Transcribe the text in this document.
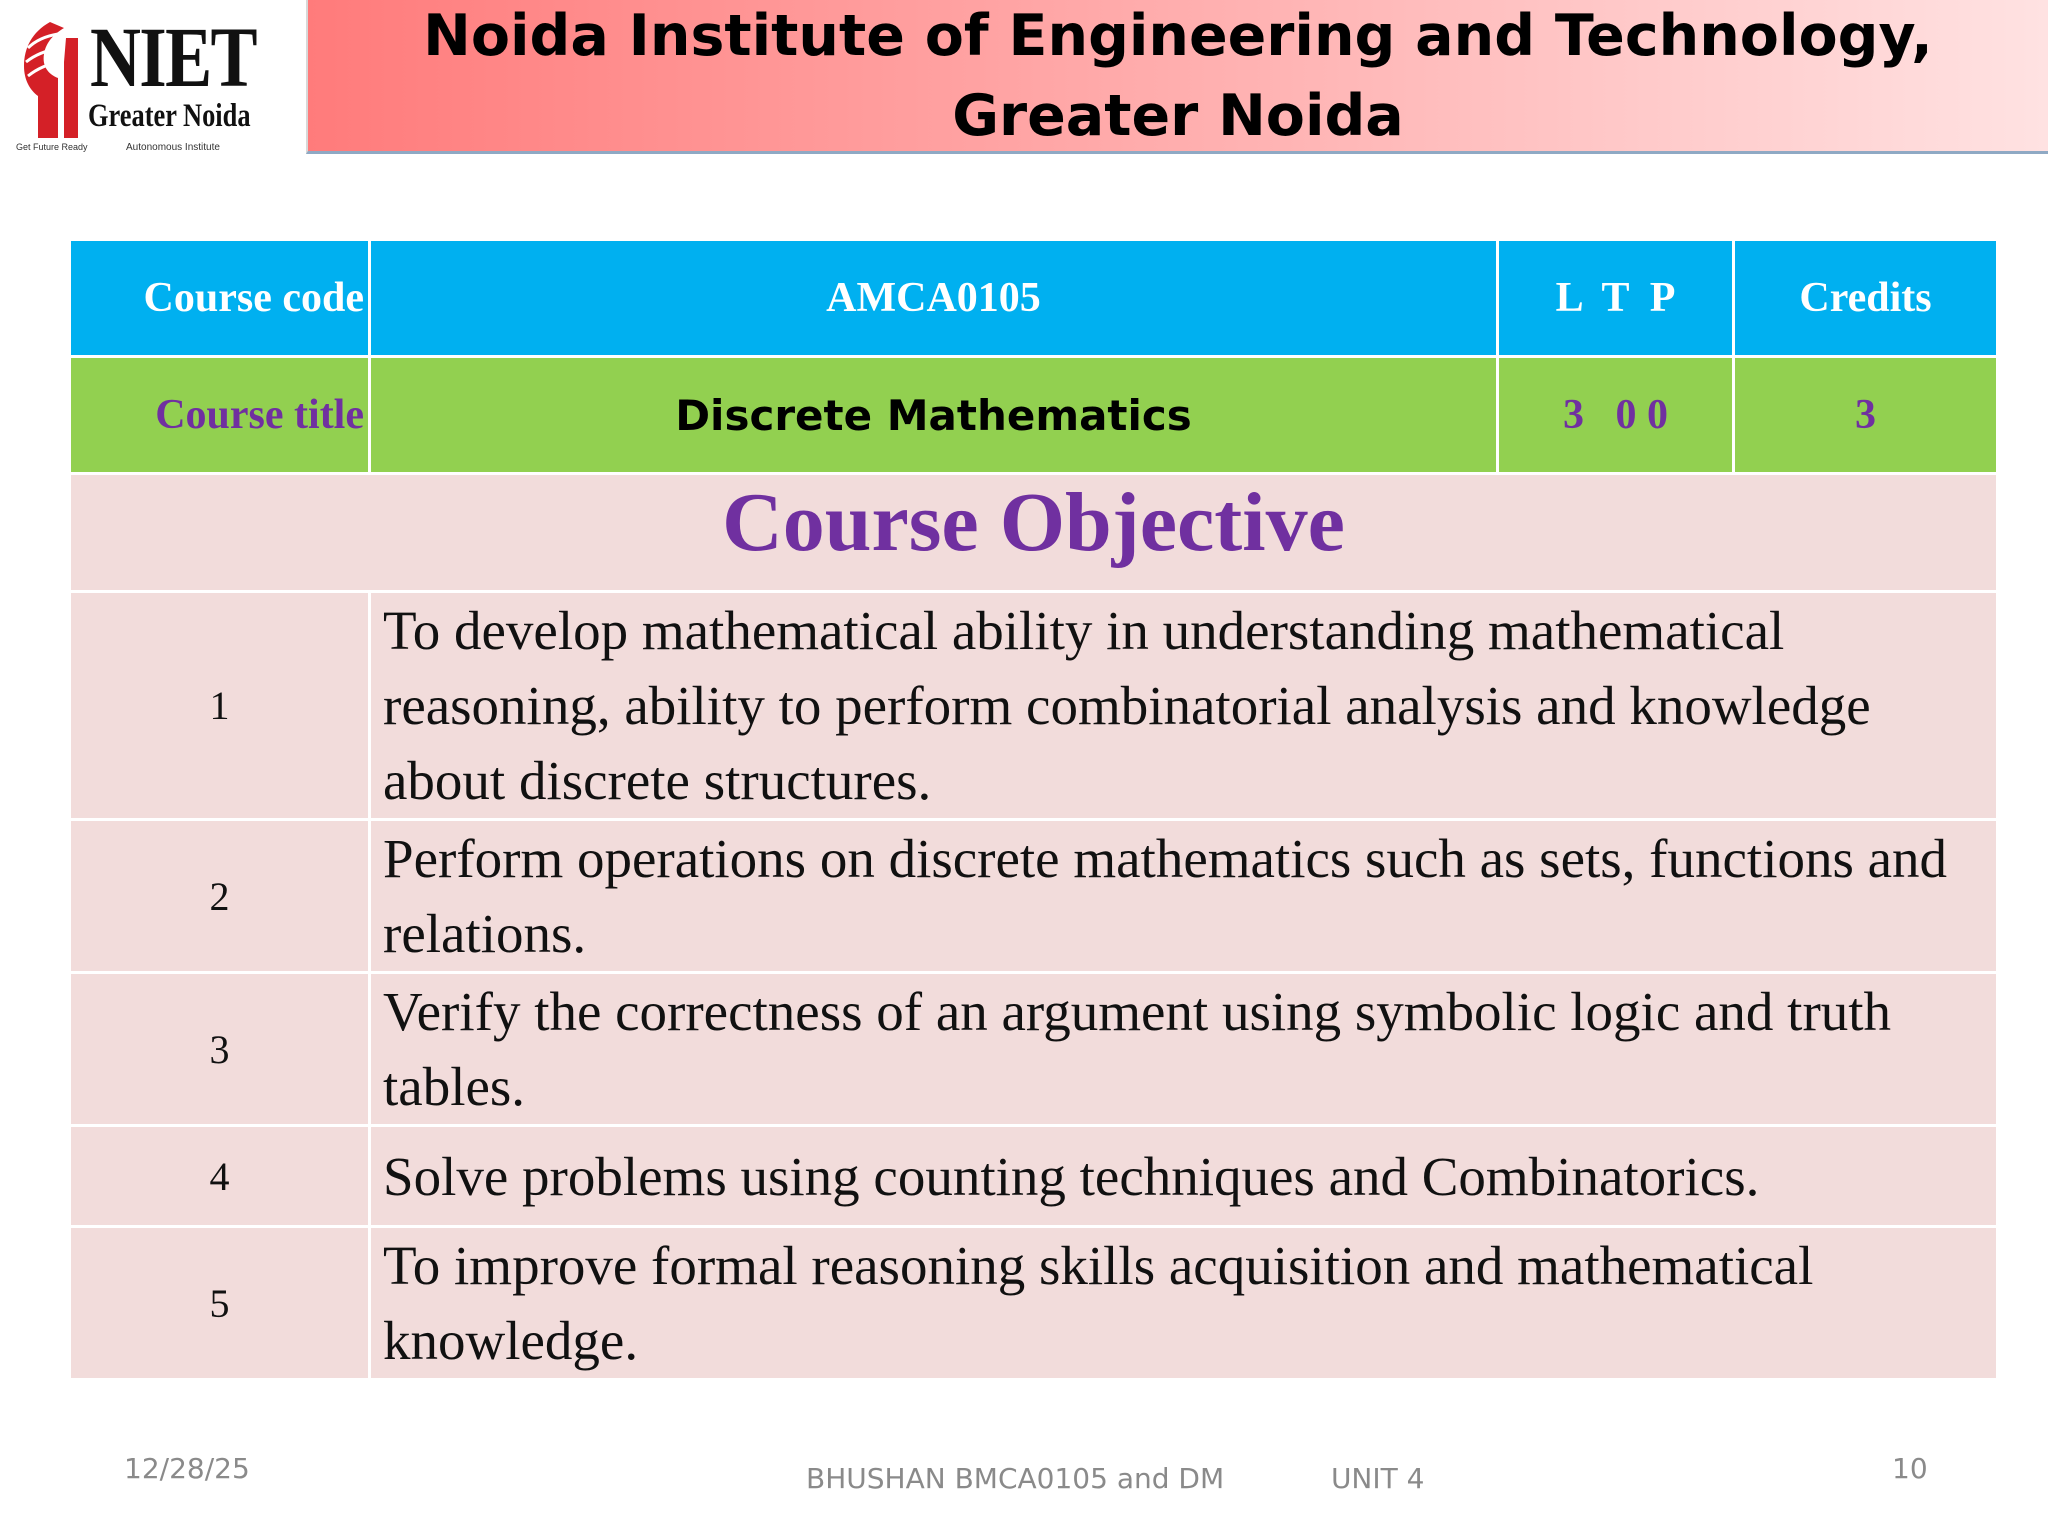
NIET
Greater Noida
Get Future Ready	Autonomous Institute
Noida Institute of Engineering and Technology, Greater Noida
Course code	AMCA0105	L  T  P	Credits
Course title	Discrete Mathematics	3   0 0	3
Course Objective			
1	To develop mathematical ability in understanding mathematical reasoning, ability to perform combinatorial analysis and knowledge about discrete structures.		
2	Perform operations on discrete mathematics such as sets, functions and relations.		
3	Verify the correctness of an argument using symbolic logic and truth tables.		
4	Solve problems using counting techniques and Combinatorics.		
5	To improve formal reasoning skills acquisition and mathematical knowledge.		
12/28/25	BHUSHAN BMCA0105 and DM	UNIT 4	10
